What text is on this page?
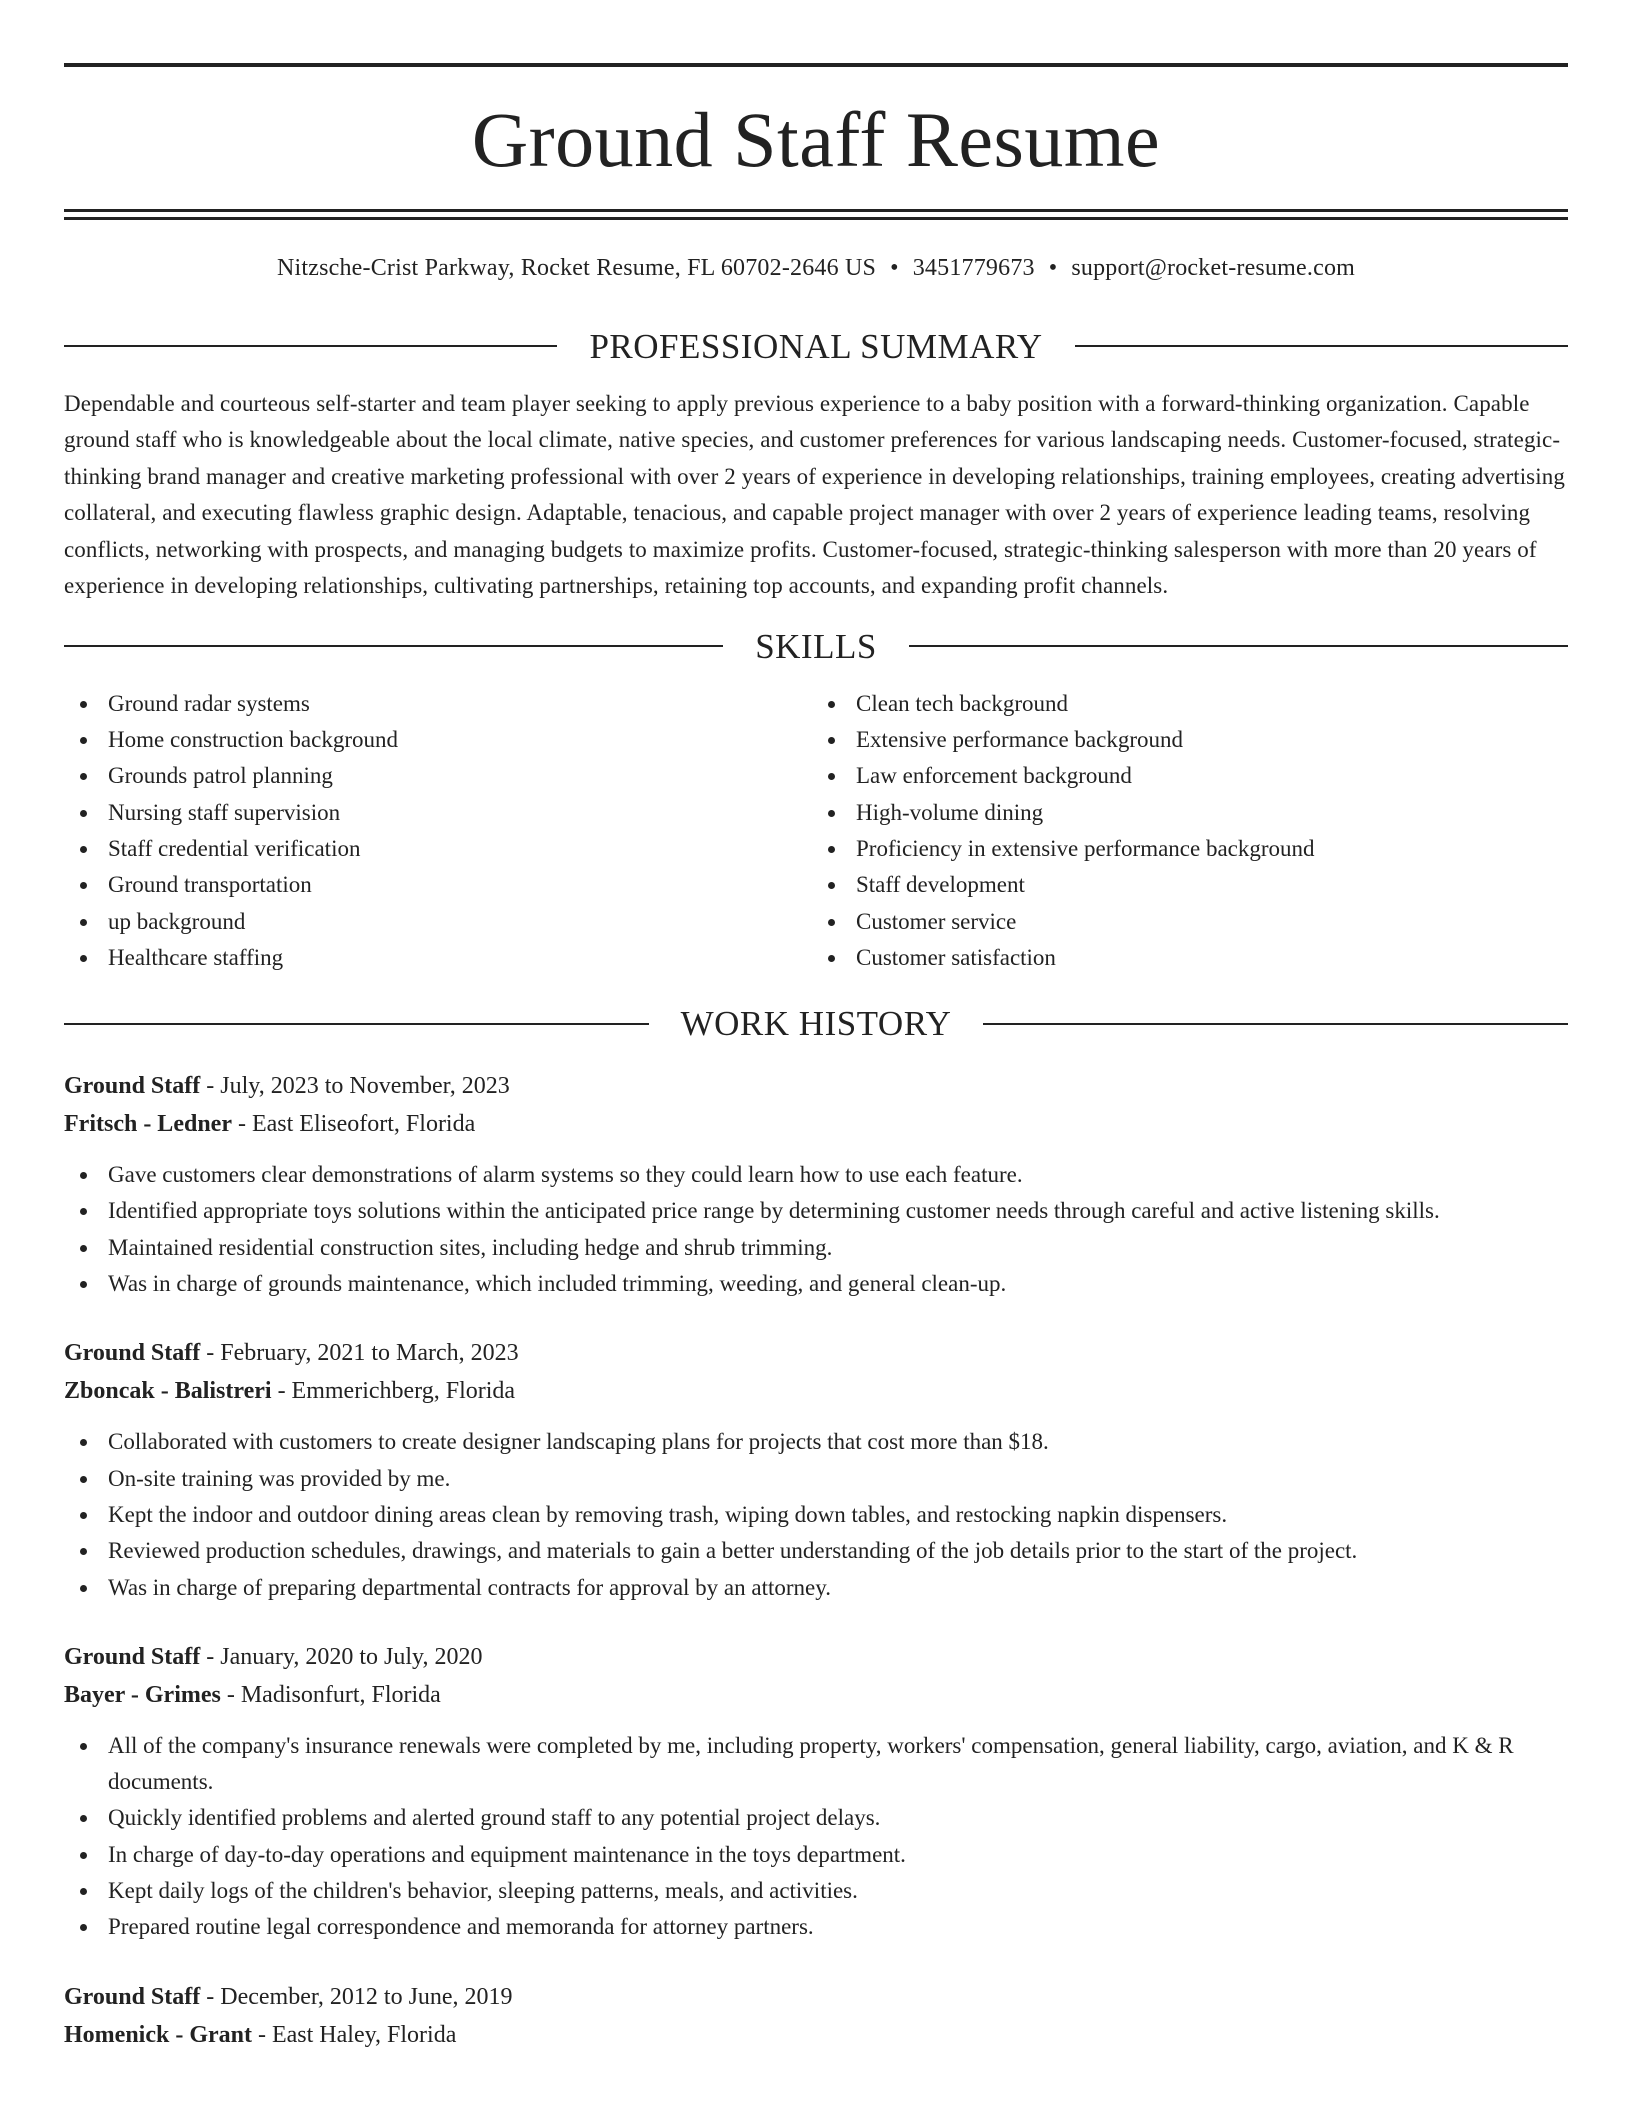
Ground Staff Resume
Nitzsche-Crist Parkway, Rocket Resume, FL 60702-2646 US • 3451779673 • support@rocket-resume.com
PROFESSIONAL SUMMARY

Dependable and courteous self-starter and team player seeking to apply previous experience to a baby position with a forward-thinking organization. Capable ground staff who is knowledgeable about the local climate, native species, and customer preferences for various landscaping needs. Customer-focused, strategic-thinking brand manager and creative marketing professional with over 2 years of experience in developing relationships, training employees, creating advertising collateral, and executing flawless graphic design. Adaptable, tenacious, and capable project manager with over 2 years of experience leading teams, resolving conflicts, networking with prospects, and managing budgets to maximize profits. Customer-focused, strategic-thinking salesperson with more than 20 years of experience in developing relationships, cultivating partnerships, retaining top accounts, and expanding profit channels.

SKILLS
Ground radar systems
Home construction background
Grounds patrol planning
Nursing staff supervision
Staff credential verification
Ground transportation
up background
Healthcare staffing
Clean tech background
Extensive performance background
Law enforcement background
High-volume dining
Proficiency in extensive performance background
Staff development
Customer service
Customer satisfaction
WORK HISTORY
Ground Staff - July, 2023 to November, 2023
Fritsch - Ledner - East Eliseofort, Florida
Gave customers clear demonstrations of alarm systems so they could learn how to use each feature.
Identified appropriate toys solutions within the anticipated price range by determining customer needs through careful and active listening skills.
Maintained residential construction sites, including hedge and shrub trimming.
Was in charge of grounds maintenance, which included trimming, weeding, and general clean-up.
Ground Staff - February, 2021 to March, 2023
Zboncak - Balistreri - Emmerichberg, Florida
Collaborated with customers to create designer landscaping plans for projects that cost more than $18.
On-site training was provided by me.
Kept the indoor and outdoor dining areas clean by removing trash, wiping down tables, and restocking napkin dispensers.
Reviewed production schedules, drawings, and materials to gain a better understanding of the job details prior to the start of the project.
Was in charge of preparing departmental contracts for approval by an attorney.
Ground Staff - January, 2020 to July, 2020
Bayer - Grimes - Madisonfurt, Florida
All of the company's insurance renewals were completed by me, including property, workers' compensation, general liability, cargo, aviation, and K & R documents.
Quickly identified problems and alerted ground staff to any potential project delays.
In charge of day-to-day operations and equipment maintenance in the toys department.
Kept daily logs of the children's behavior, sleeping patterns, meals, and activities.
Prepared routine legal correspondence and memoranda for attorney partners.
Ground Staff - December, 2012 to June, 2019
Homenick - Grant - East Haley, Florida
